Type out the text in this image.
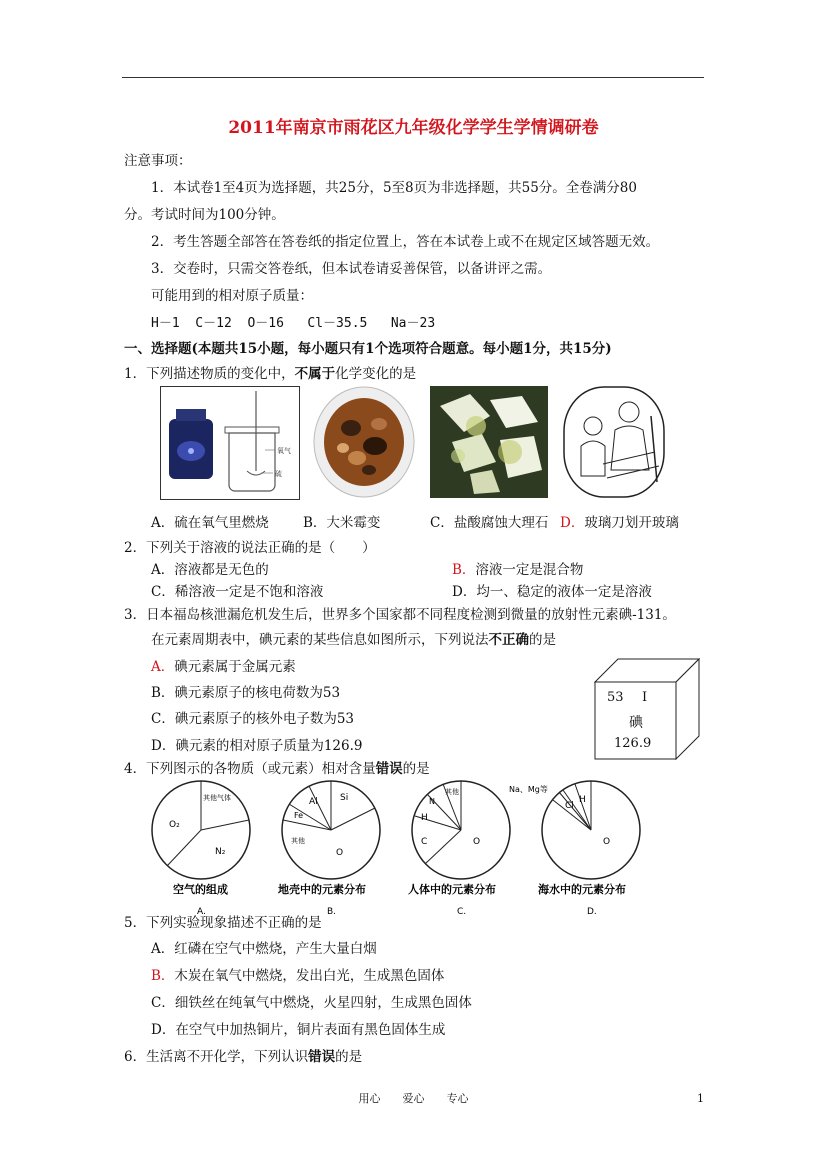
2011年南京市雨花区九年级化学学生学情调研卷
注意事项：
1．本试卷1至4页为选择题，共25分，5至8页为非选择题，共55分。全卷满分80
分。考试时间为100分钟。
2．考生答题全部答在答卷纸的指定位置上，答在本试卷上或不在规定区域答题无效。
3．交卷时，只需交答卷纸，但本试卷请妥善保管，以备讲评之需。
可能用到的相对原子质量：
H－1  C－12  O－16   Cl－35.5   Na－23
一、选择题(本题共15小题，每小题只有1个选项符合题意。每小题1分，共15分)
1．下列描述物质的变化中，不属于化学变化的是
氧气
硫
A．硫在氧气里燃烧	B．大米霉变	C．盐酸腐蚀大理石 D．玻璃刀划开玻璃
2．下列关于溶液的说法正确的是（　　）
A．溶液都是无色的	B．溶液一定是混合物
C．稀溶液一定是不饱和溶液	D．均一、稳定的液体一定是溶液
3．日本福岛核泄漏危机发生后，世界多个国家都不同程度检测到微量的放射性元素碘-131。
在元素周期表中，碘元素的某些信息如图所示，下列说法不正确的是
A．碘元素属于金属元素
B．碘元素原子的核电荷数为53
C．碘元素原子的核外电子数为53
D．碘元素的相对原子质量为126.9
53 I
碘
126.9
4．下列图示的各物质（或元素）相对含量错误的是
O₂
其他气体
N₂
空气的组成
A.
Al Si
Fe
其他
O
地壳中的元素分布
B.
N
其他
H
C	O
人体中的元素分布
C.
Na、Mg等
Cl
H
O
海水中的元素分布
D.
5．下列实验现象描述不正确的是
A．红磷在空气中燃烧，产生大量白烟
B．木炭在氧气中燃烧，发出白光，生成黑色固体
C．细铁丝在纯氧气中燃烧，火星四射，生成黑色固体
D．在空气中加热铜片，铜片表面有黑色固体生成
6．生活离不开化学，下列认识错误的是
用心　　爱心　　专心	1
